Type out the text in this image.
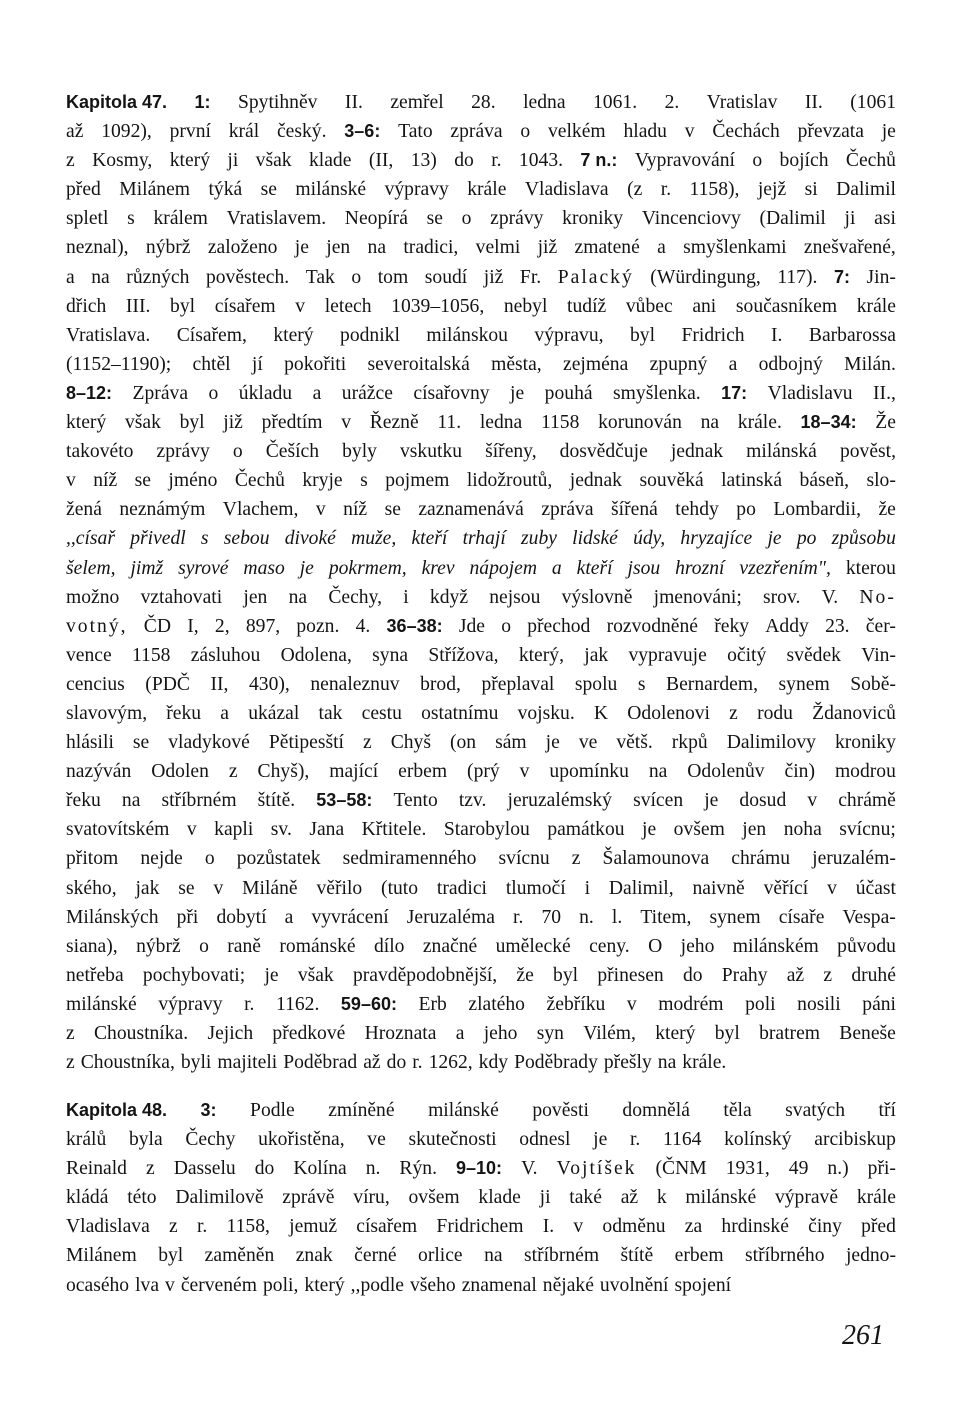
Kapitola 47. 1: Spytihněv II. zemřel 28. ledna 1061. 2. Vratislav II. (1061
až 1092), první král český. 3–6: Tato zpráva o velkém hladu v Čechách převzata je
z Kosmy, který ji však klade (II, 13) do r. 1043. 7 n.: Vypravování o bojích Čechů
před Milánem týká se milánské výpravy krále Vladislava (z r. 1158), jejž si Dalimil
spletl s králem Vratislavem. Neopírá se o zprávy kroniky Vincenciovy (Dalimil ji asi
neznal), nýbrž založeno je jen na tradici, velmi již zmatené a smyšlenkami znešvařené,
a na různých pověstech. Tak o tom soudí již Fr. Palacký (Würdingung, 117). 7: Jin-
dřich III. byl císařem v letech 1039–1056, nebyl tudíž vůbec ani současníkem krále
Vratislava. Císařem, který podnikl milánskou výpravu, byl Fridrich I. Barbarossa
(1152–1190); chtěl jí pokořiti severoitalská města, zejména zpupný a odbojný Milán.
8–12: Zpráva o úkladu a urážce císařovny je pouhá smyšlenka. 17: Vladislavu II.,
který však byl již předtím v Řezně 11. ledna 1158 korunován na krále. 18–34: Že
takovéto zprávy o Češích byly vskutku šířeny, dosvědčuje jednak milánská pověst,
v níž se jméno Čechů kryje s pojmem lidožroutů, jednak souvěká latinská báseň, slo-
žená neznámým Vlachem, v níž se zaznamenává zpráva šířená tehdy po Lombardii, že
,,císař přivedl s sebou divoké muže, kteří trhají zuby lidské údy, hryzajíce je po způsobu
šelem, jimž syrové maso je pokrmem, krev nápojem a kteří jsou hrozní vzezřením", kterou
možno vztahovati jen na Čechy, i když nejsou výslovně jmenováni; srov. V. No-
votný, ČD I, 2, 897, pozn. 4. 36–38: Jde o přechod rozvodněné řeky Addy 23. čer-
vence 1158 zásluhou Odolena, syna Střížova, který, jak vypravuje očitý svědek Vin-
cencius (PDČ II, 430), nenaleznuv brod, přeplaval spolu s Bernardem, synem Sobě-
slavovým, řeku a ukázal tak cestu ostatnímu vojsku. K Odolenovi z rodu Ždanoviců
hlásili se vladykové Pětipesští z Chyš (on sám je ve větš. rkpů Dalimilovy kroniky
nazýván Odolen z Chyš), mající erbem (prý v upomínku na Odolenův čin) modrou
řeku na stříbrném štítě. 53–58: Tento tzv. jeruzalémský svícen je dosud v chrámě
svatovítském v kapli sv. Jana Křtitele. Starobylou památkou je ovšem jen noha svícnu;
přitom nejde o pozůstatek sedmiramenného svícnu z Šalamounova chrámu jeruzalém-
ského, jak se v Miláně věřilo (tuto tradici tlumočí i Dalimil, naivně věřící v účast
Milánských při dobytí a vyvrácení Jeruzaléma r. 70 n. l. Titem, synem císaře Vespa-
siana), nýbrž o raně románské dílo značné umělecké ceny. O jeho milánském původu
netřeba pochybovati; je však pravděpodobnější, že byl přinesen do Prahy až z druhé
milánské výpravy r. 1162. 59–60: Erb zlatého žebříku v modrém poli nosili páni
z Choustníka. Jejich předkové Hroznata a jeho syn Vilém, který byl bratrem Beneše
z Choustníka, byli majiteli Poděbrad až do r. 1262, kdy Poděbrady přešly na krále.
Kapitola 48. 3: Podle zmíněné milánské pověsti domnělá těla svatých tří
králů byla Čechy ukořistěna, ve skutečnosti odnesl je r. 1164 kolínský arcibiskup
Reinald z Dasselu do Kolína n. Rýn. 9–10: V. Vojtíšek (ČNM 1931, 49 n.) při-
kládá této Dalimilově zprávě víru, ovšem klade ji také až k milánské výpravě krále
Vladislava z r. 1158, jemuž císařem Fridrichem I. v odměnu za hrdinské činy před
Milánem byl zaměněn znak černé orlice na stříbrném štítě erbem stříbrného jedno-
ocasého lva v červeném poli, který ,,podle všeho znamenal nějaké uvolnění spojení
261
